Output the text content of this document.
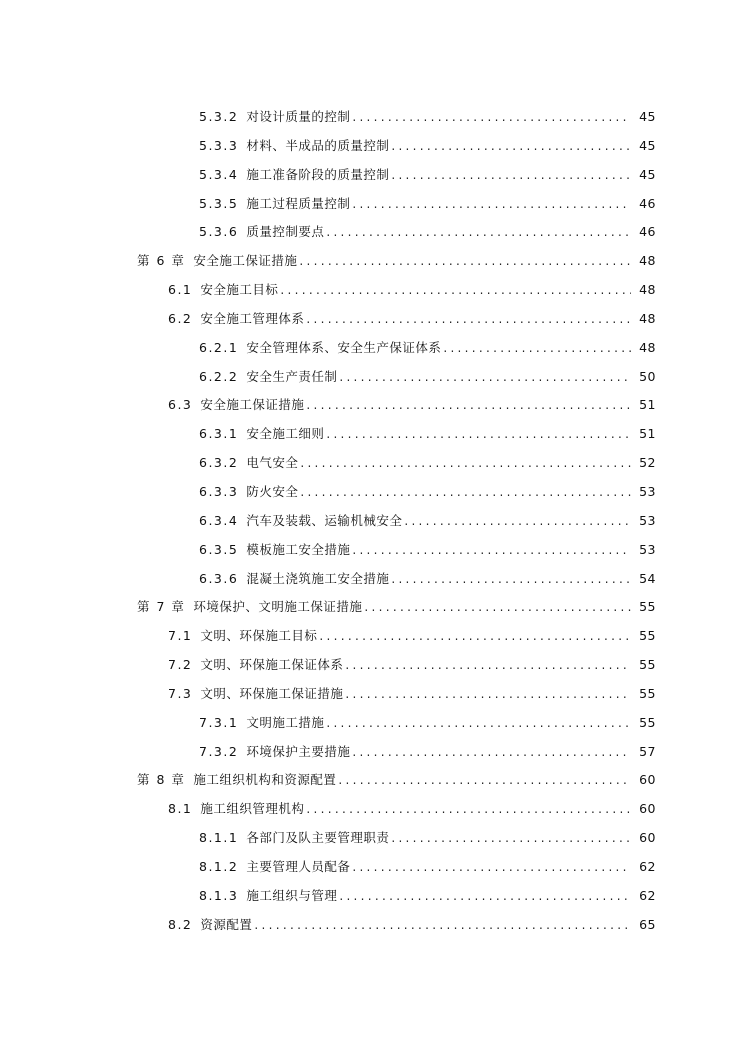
5.3.2 对设计质量的控制 .....	45
5.3.3 材料、半成品的质量控制 .....	45
5.3.4 施工准备阶段的质量控制 .....	45
5.3.5 施工过程质量控制 .....	46
5.3.6 质量控制要点 .....	46
第 6 章 安全施工保证措施 .....	48
6.1 安全施工目标 .....	48
6.2 安全施工管理体系 .....	48
6.2.1 安全管理体系、安全生产保证体系 .....	48
6.2.2 安全生产责任制 .....	50
6.3 安全施工保证措施 .....	51
6.3.1 安全施工细则 .....	51
6.3.2 电气安全 .....	52
6.3.3 防火安全 .....	53
6.3.4 汽车及装载、运输机械安全 .....	53
6.3.5 模板施工安全措施 .....	53
6.3.6 混凝土浇筑施工安全措施 .....	54
第 7 章 环境保护、文明施工保证措施 .....	55
7.1 文明、环保施工目标 .....	55
7.2 文明、环保施工保证体系 .....	55
7.3 文明、环保施工保证措施 .....	55
7.3.1 文明施工措施 .....	55
7.3.2 环境保护主要措施 .....	57
第 8 章 施工组织机构和资源配置 .....	60
8.1 施工组织管理机构 .....	60
8.1.1 各部门及队主要管理职责 .....	60
8.1.2 主要管理人员配备 .....	62
8.1.3 施工组织与管理 .....	62
8.2 资源配置 .....	65
